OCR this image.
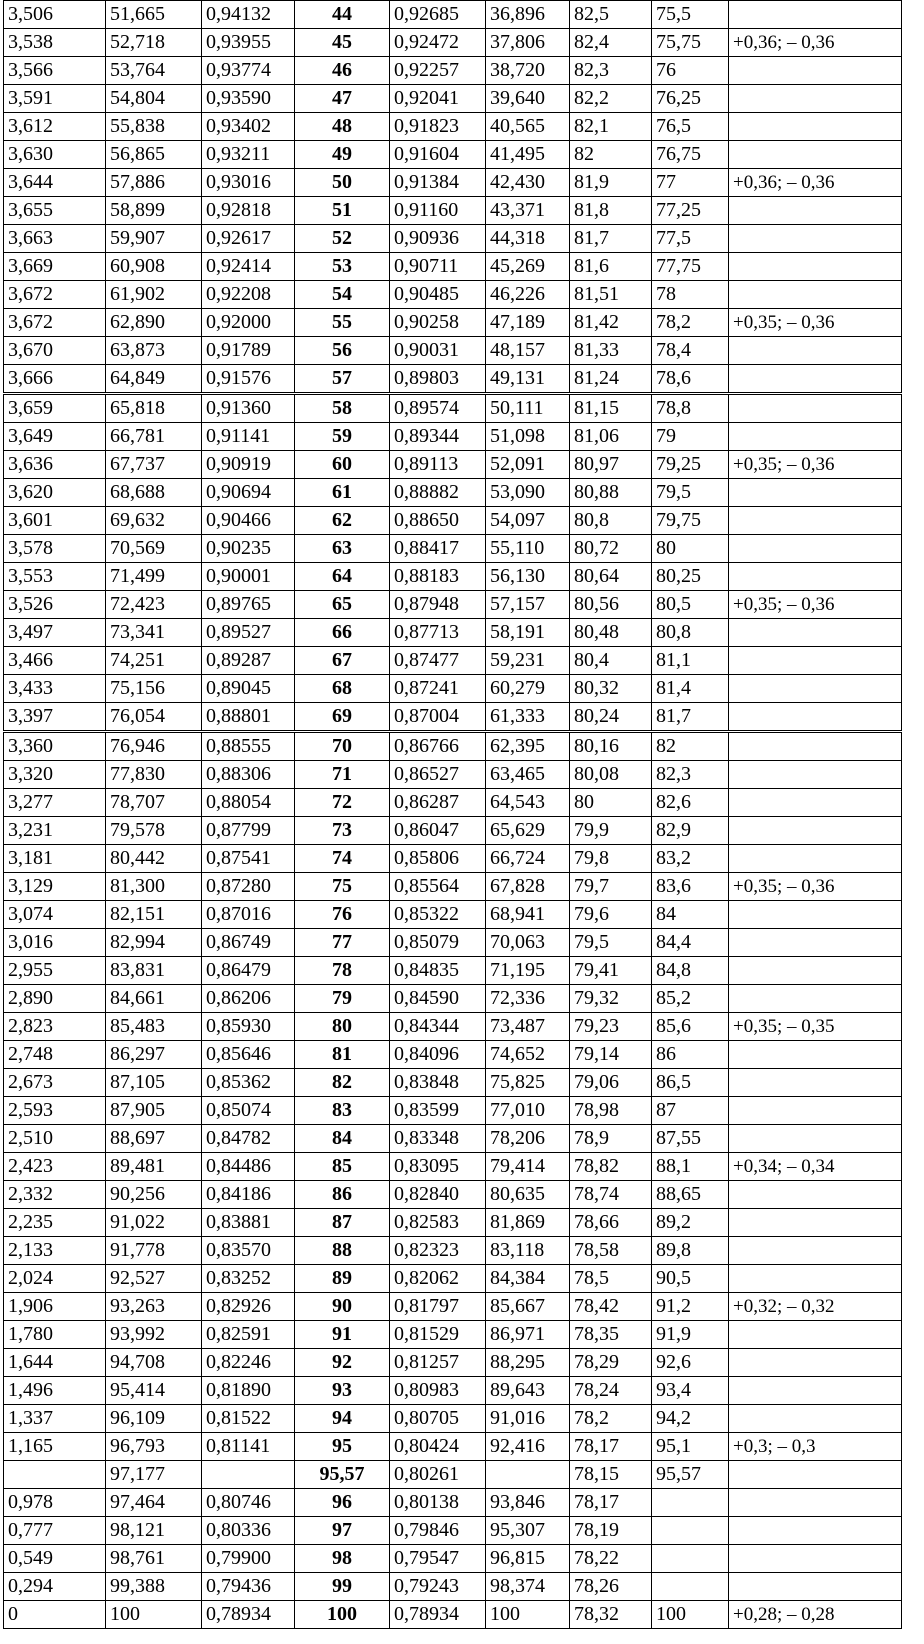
3,506	51,665	0,94132	44	0,92685	36,896	82,5	75,5	
3,538	52,718	0,93955	45	0,92472	37,806	82,4	75,75	+0,36; – 0,36
3,566	53,764	0,93774	46	0,92257	38,720	82,3	76	
3,591	54,804	0,93590	47	0,92041	39,640	82,2	76,25	
3,612	55,838	0,93402	48	0,91823	40,565	82,1	76,5	
3,630	56,865	0,93211	49	0,91604	41,495	82	76,75	
3,644	57,886	0,93016	50	0,91384	42,430	81,9	77	+0,36; – 0,36
3,655	58,899	0,92818	51	0,91160	43,371	81,8	77,25	
3,663	59,907	0,92617	52	0,90936	44,318	81,7	77,5	
3,669	60,908	0,92414	53	0,90711	45,269	81,6	77,75	
3,672	61,902	0,92208	54	0,90485	46,226	81,51	78	
3,672	62,890	0,92000	55	0,90258	47,189	81,42	78,2	+0,35; – 0,36
3,670	63,873	0,91789	56	0,90031	48,157	81,33	78,4	
3,666	64,849	0,91576	57	0,89803	49,131	81,24	78,6	
3,659	65,818	0,91360	58	0,89574	50,111	81,15	78,8	
3,649	66,781	0,91141	59	0,89344	51,098	81,06	79	
3,636	67,737	0,90919	60	0,89113	52,091	80,97	79,25	+0,35; – 0,36
3,620	68,688	0,90694	61	0,88882	53,090	80,88	79,5	
3,601	69,632	0,90466	62	0,88650	54,097	80,8	79,75	
3,578	70,569	0,90235	63	0,88417	55,110	80,72	80	
3,553	71,499	0,90001	64	0,88183	56,130	80,64	80,25	
3,526	72,423	0,89765	65	0,87948	57,157	80,56	80,5	+0,35; – 0,36
3,497	73,341	0,89527	66	0,87713	58,191	80,48	80,8	
3,466	74,251	0,89287	67	0,87477	59,231	80,4	81,1	
3,433	75,156	0,89045	68	0,87241	60,279	80,32	81,4	
3,397	76,054	0,88801	69	0,87004	61,333	80,24	81,7	
3,360	76,946	0,88555	70	0,86766	62,395	80,16	82	
3,320	77,830	0,88306	71	0,86527	63,465	80,08	82,3	
3,277	78,707	0,88054	72	0,86287	64,543	80	82,6	
3,231	79,578	0,87799	73	0,86047	65,629	79,9	82,9	
3,181	80,442	0,87541	74	0,85806	66,724	79,8	83,2	
3,129	81,300	0,87280	75	0,85564	67,828	79,7	83,6	+0,35; – 0,36
3,074	82,151	0,87016	76	0,85322	68,941	79,6	84	
3,016	82,994	0,86749	77	0,85079	70,063	79,5	84,4	
2,955	83,831	0,86479	78	0,84835	71,195	79,41	84,8	
2,890	84,661	0,86206	79	0,84590	72,336	79,32	85,2	
2,823	85,483	0,85930	80	0,84344	73,487	79,23	85,6	+0,35; – 0,35
2,748	86,297	0,85646	81	0,84096	74,652	79,14	86	
2,673	87,105	0,85362	82	0,83848	75,825	79,06	86,5	
2,593	87,905	0,85074	83	0,83599	77,010	78,98	87	
2,510	88,697	0,84782	84	0,83348	78,206	78,9	87,55	
2,423	89,481	0,84486	85	0,83095	79,414	78,82	88,1	+0,34; – 0,34
2,332	90,256	0,84186	86	0,82840	80,635	78,74	88,65	
2,235	91,022	0,83881	87	0,82583	81,869	78,66	89,2	
2,133	91,778	0,83570	88	0,82323	83,118	78,58	89,8	
2,024	92,527	0,83252	89	0,82062	84,384	78,5	90,5	
1,906	93,263	0,82926	90	0,81797	85,667	78,42	91,2	+0,32; – 0,32
1,780	93,992	0,82591	91	0,81529	86,971	78,35	91,9	
1,644	94,708	0,82246	92	0,81257	88,295	78,29	92,6	
1,496	95,414	0,81890	93	0,80983	89,643	78,24	93,4	
1,337	96,109	0,81522	94	0,80705	91,016	78,2	94,2	
1,165	96,793	0,81141	95	0,80424	92,416	78,17	95,1	+0,3; – 0,3
	97,177		95,57	0,80261		78,15	95,57	
0,978	97,464	0,80746	96	0,80138	93,846	78,17		
0,777	98,121	0,80336	97	0,79846	95,307	78,19		
0,549	98,761	0,79900	98	0,79547	96,815	78,22		
0,294	99,388	0,79436	99	0,79243	98,374	78,26		
0	100	0,78934	100	0,78934	100	78,32	100	+0,28; – 0,28
